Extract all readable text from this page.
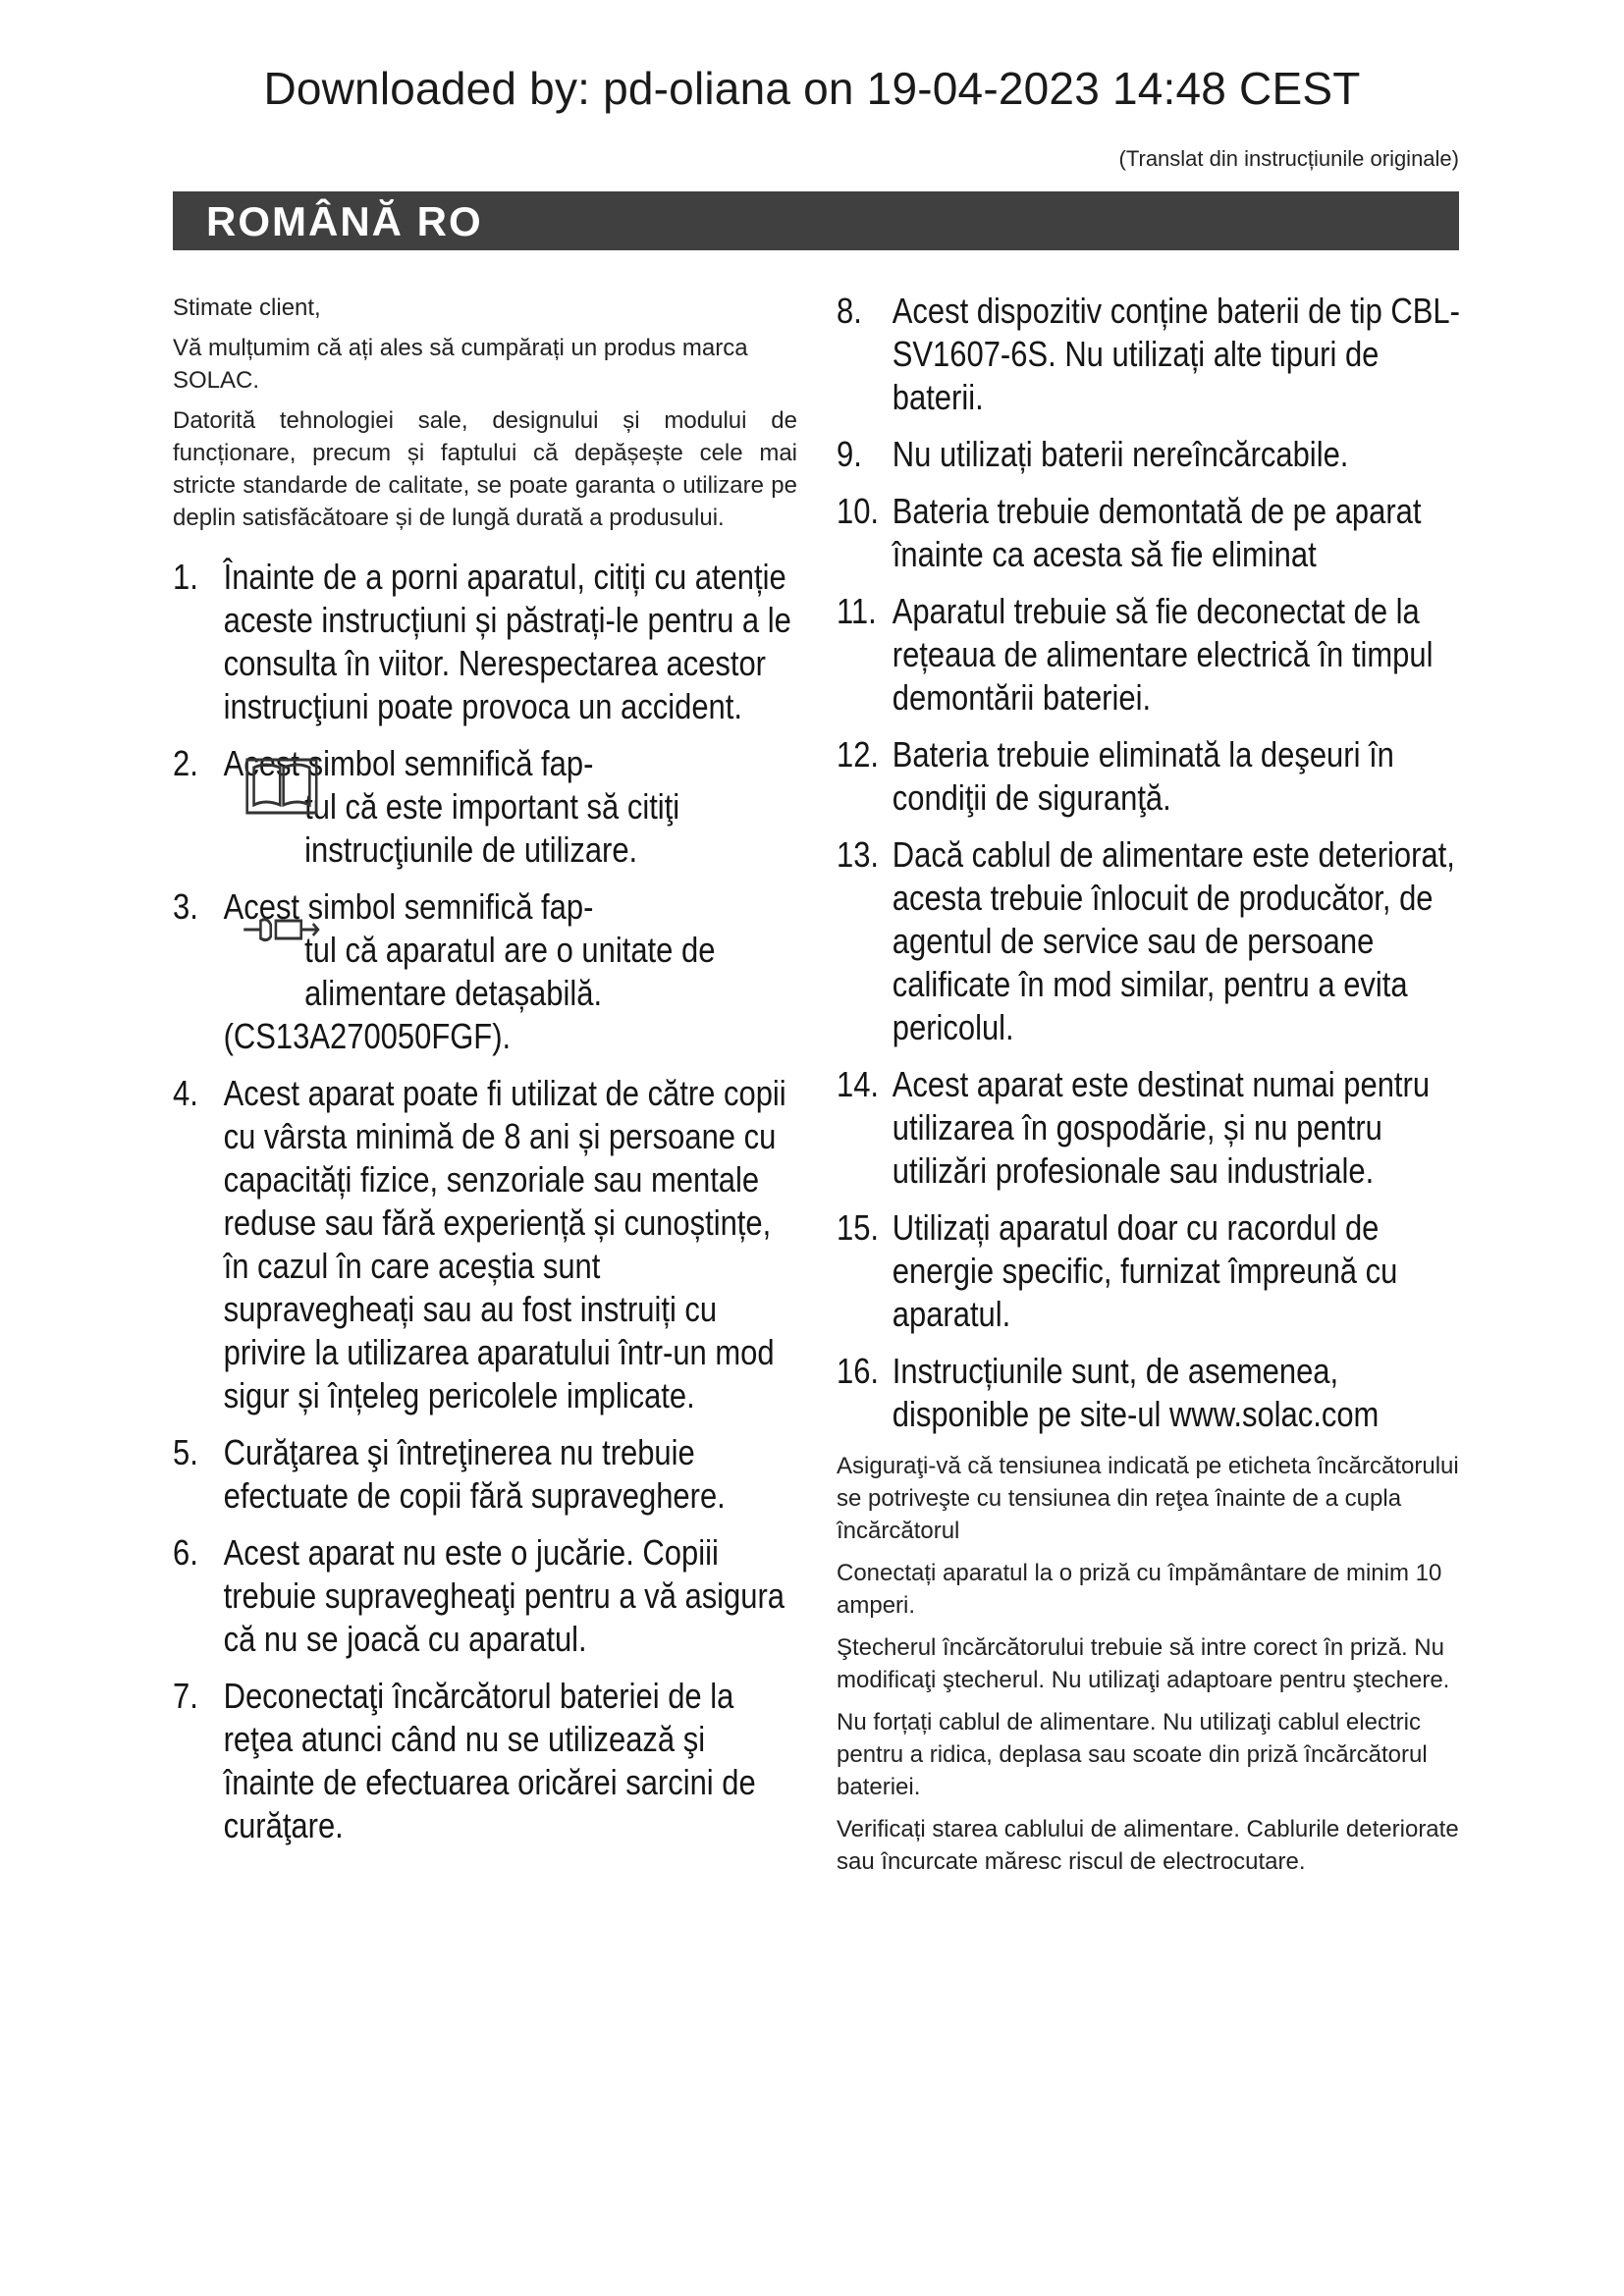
Downloaded by: pd-oliana on 19-04-2023 14:48 CEST
(Translat din instrucțiunile originale)
ROMÂNĂ RO

Stimate client,

Vă mulțumim că ați ales să cumpărați un produs marca SOLAC.

Datorită tehnologiei sale, designului și modului de funcționare, precum și faptului că depășește cele mai stricte standarde de calitate, se poate garanta o utilizare pe deplin satisfăcătoare și de lungă durată a produsului.

1. Înainte de a porni aparatul, citiți cu atenție aceste instrucțiuni și păstrați-le pentru a le consulta în viitor. Nerespectarea acestor instrucţiuni poate provoca un accident.
2. Acest simbol semnifică fap-
tul că este important să citiţi instrucţiunile de utilizare.
3. Acest simbol semnifică fap-
tul că aparatul are o unitate de alimentare detașabilă.
(CS13A270050FGF).
4. Acest aparat poate fi utilizat de către copii cu vârsta minimă de 8 ani și persoane cu capacități fizice, senzoriale sau mentale reduse sau fără experiență și cunoștințe, în cazul în care aceștia sunt supravegheați sau au fost instruiți cu privire la utilizarea aparatului într-un mod sigur și înțeleg pericolele implicate.
5. Curăţarea şi întreţinerea nu trebuie efectuate de copii fără supraveghere.
6. Acest aparat nu este o jucărie. Copiii trebuie supravegheaţi pentru a vă asigura că nu se joacă cu aparatul.
7. Deconectaţi încărcătorul bateriei de la reţea atunci când nu se utilizează şi înainte de efectuarea oricărei sarcini de curăţare.
8. Acest dispozitiv conține baterii de tip CBL-SV1607-6S. Nu utilizați alte tipuri de baterii.
9. Nu utilizați baterii nereîncărcabile.
10. Bateria trebuie demontată de pe aparat înainte ca acesta să fie eliminat
11. Aparatul trebuie să fie deconectat de la rețeaua de alimentare electrică în timpul demontării bateriei.
12. Bateria trebuie eliminată la deşeuri în condiţii de siguranţă.
13. Dacă cablul de alimentare este deteriorat, acesta trebuie înlocuit de producător, de agentul de service sau de persoane calificate în mod similar, pentru a evita pericolul.
14. Acest aparat este destinat numai pentru utilizarea în gospodărie, și nu pentru utilizări profesionale sau industriale.
15. Utilizați aparatul doar cu racordul de energie specific, furnizat împreună cu aparatul.
16. Instrucțiunile sunt, de asemenea, disponible pe site-ul www.solac.com

Asiguraţi-vă că tensiunea indicată pe eticheta încărcătorului se potriveşte cu tensiunea din reţea înainte de a cupla încărcătorul

Conectați aparatul la o priză cu împământare de minim 10 amperi.

Ştecherul încărcătorului trebuie să intre corect în priză. Nu modificaţi ştecherul. Nu utilizaţi adaptoare pentru ştechere.

Nu forțați cablul de alimentare. Nu utilizaţi cablul electric pentru a ridica, deplasa sau scoate din priză încărcătorul bateriei.

Verificați starea cablului de alimentare. Cablurile deteriorate sau încurcate măresc riscul de electrocutare.
